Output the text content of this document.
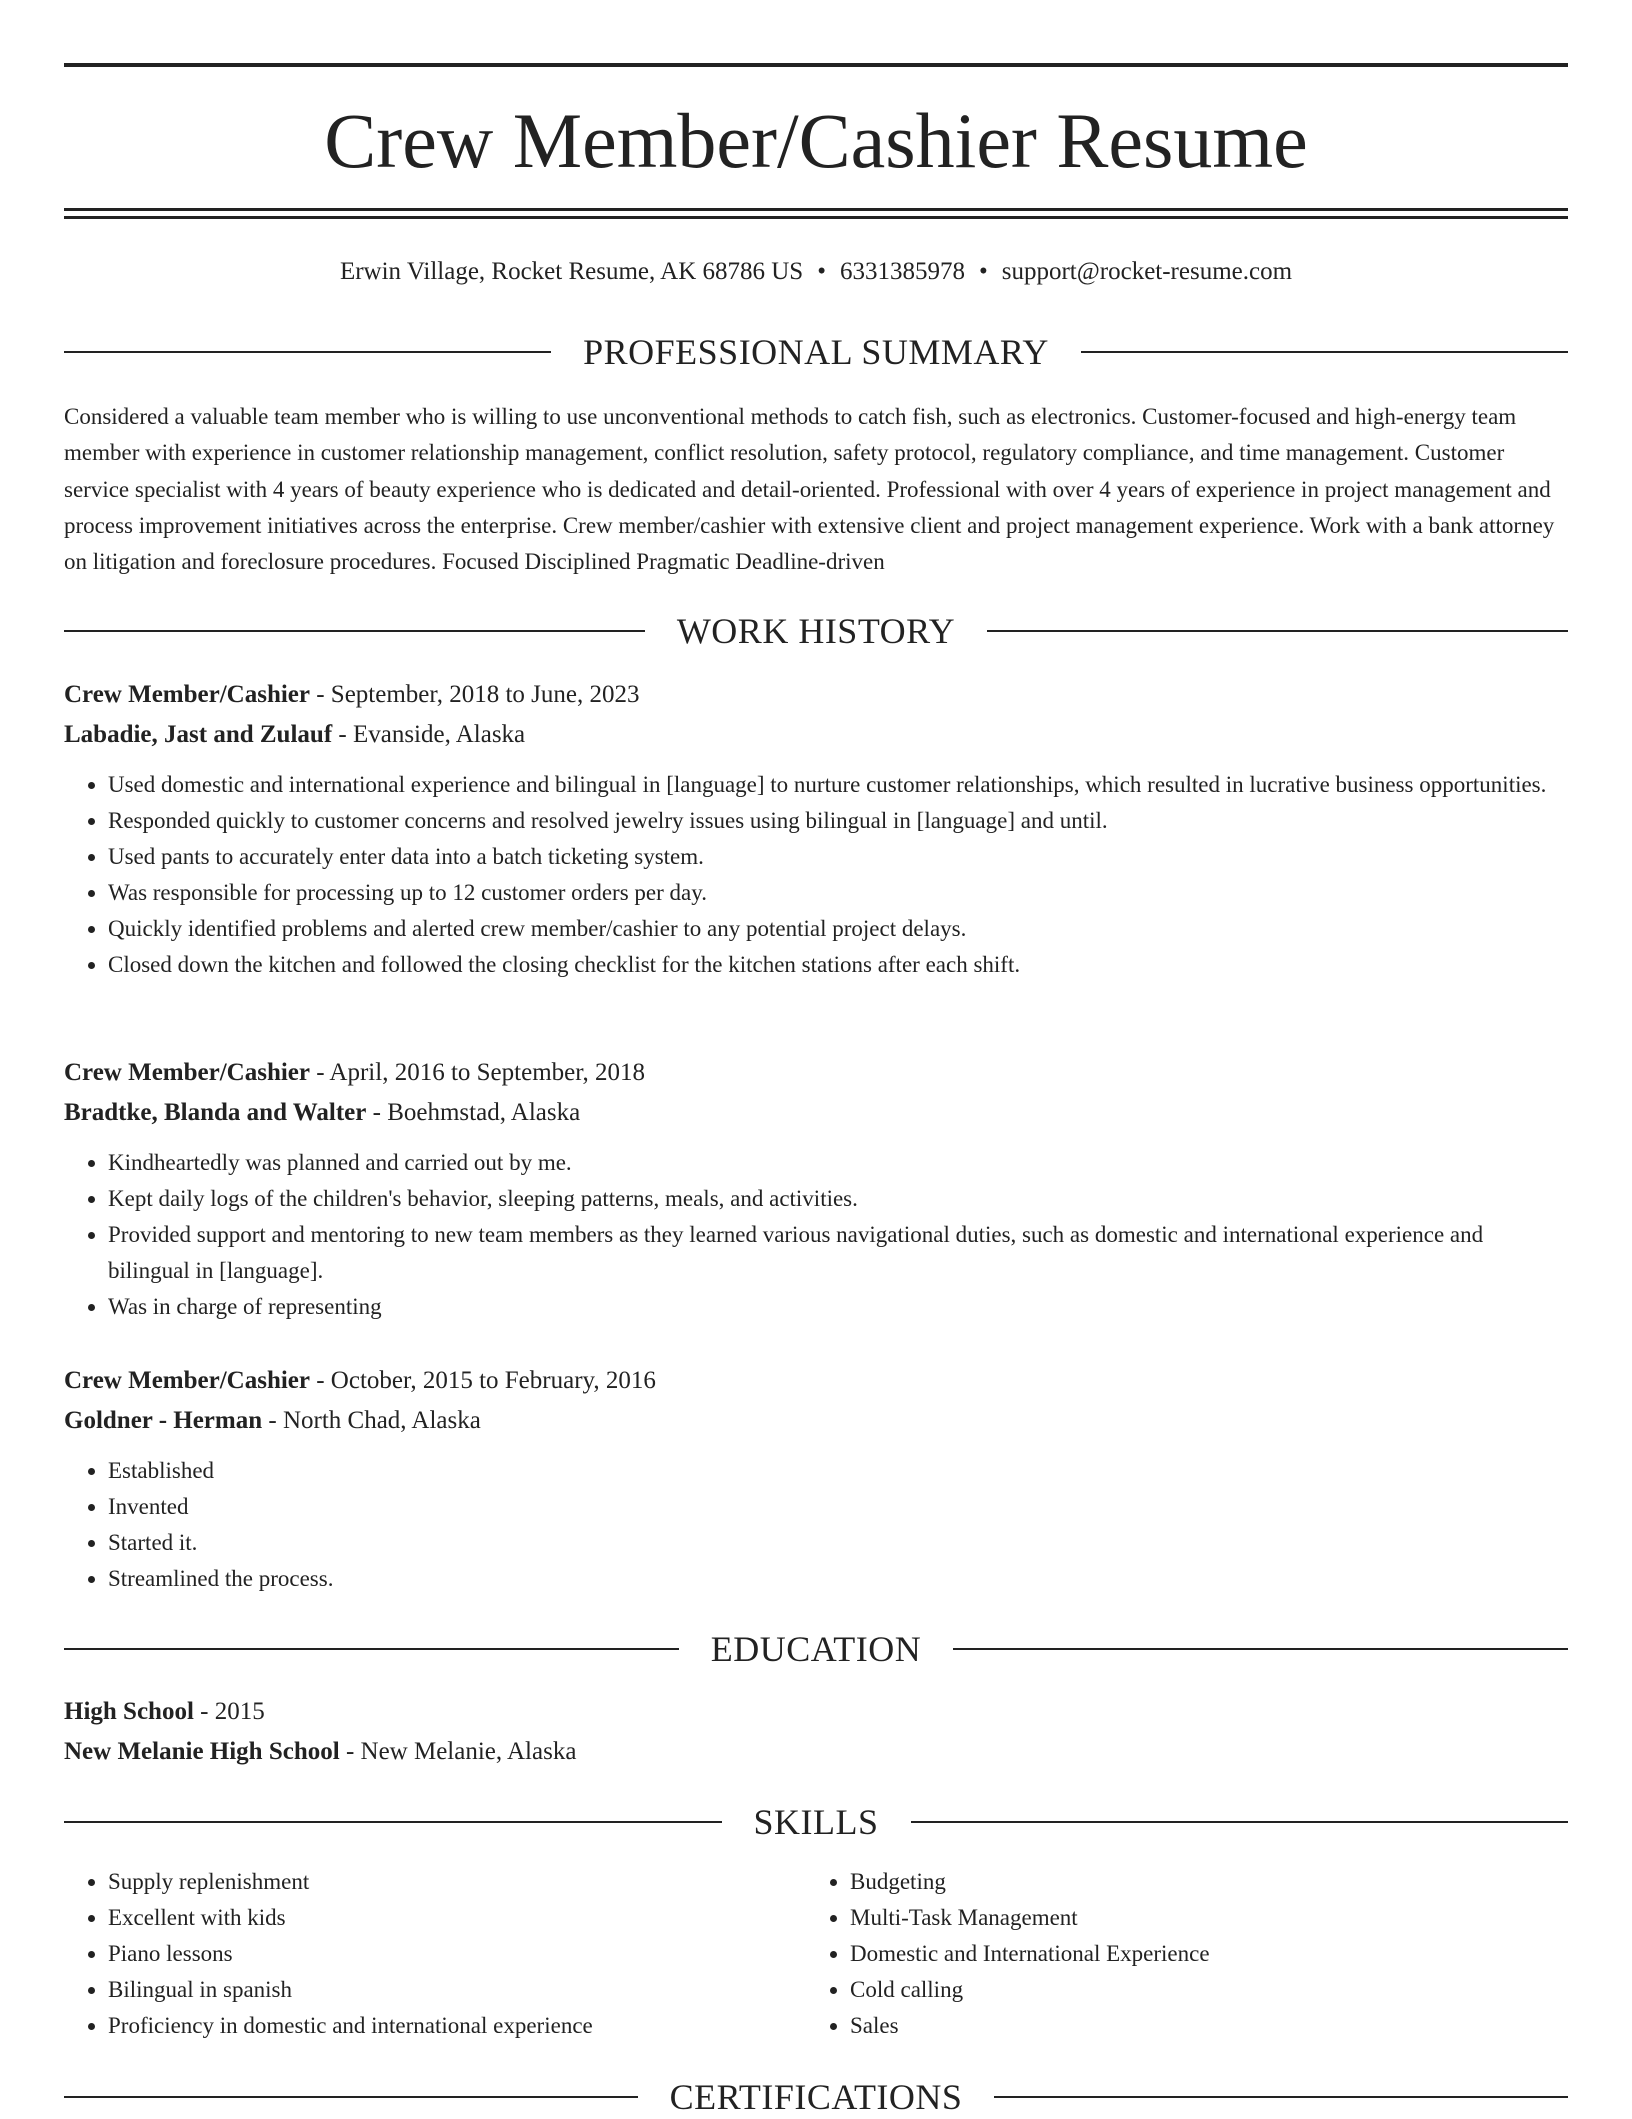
Crew Member/Cashier Resume
Erwin Village, Rocket Resume, AK 68786 US • 6331385978 • support@rocket-resume.com
PROFESSIONAL SUMMARY

Considered a valuable team member who is willing to use unconventional methods to catch fish, such as electronics. Customer-focused and high-energy team member with experience in customer relationship management, conflict resolution, safety protocol, regulatory compliance, and time management. Customer service specialist with 4 years of beauty experience who is dedicated and detail-oriented. Professional with over 4 years of experience in project management and process improvement initiatives across the enterprise. Crew member/cashier with extensive client and project management experience. Work with a bank attorney on litigation and foreclosure procedures. Focused Disciplined Pragmatic Deadline-driven

WORK HISTORY
Crew Member/Cashier - September, 2018 to June, 2023
Labadie, Jast and Zulauf - Evanside, Alaska
• Used domestic and international experience and bilingual in [language] to nurture customer relationships, which resulted in lucrative business opportunities.
• Responded quickly to customer concerns and resolved jewelry issues using bilingual in [language] and until.
• Used pants to accurately enter data into a batch ticketing system.
• Was responsible for processing up to 12 customer orders per day.
• Quickly identified problems and alerted crew member/cashier to any potential project delays.
• Closed down the kitchen and followed the closing checklist for the kitchen stations after each shift.
Crew Member/Cashier - April, 2016 to September, 2018
Bradtke, Blanda and Walter - Boehmstad, Alaska
• Kindheartedly was planned and carried out by me.
• Kept daily logs of the children's behavior, sleeping patterns, meals, and activities.
• Provided support and mentoring to new team members as they learned various navigational duties, such as domestic and international experience and bilingual in [language].
• Was in charge of representing
Crew Member/Cashier - October, 2015 to February, 2016
Goldner - Herman - North Chad, Alaska
• Established
• Invented
• Started it.
• Streamlined the process.
EDUCATION
High School - 2015
New Melanie High School - New Melanie, Alaska
SKILLS
• Supply replenishment
• Excellent with kids
• Piano lessons
• Bilingual in spanish
• Proficiency in domestic and international experience
• Budgeting
• Multi-Task Management
• Domestic and International Experience
• Cold calling
• Sales
CERTIFICATIONS
